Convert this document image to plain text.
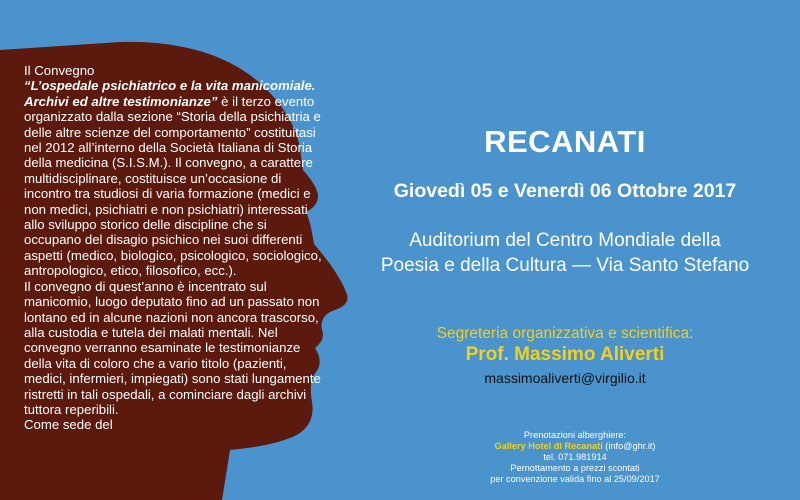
Il Convegno

“L’ospedale psichiatrico e la vita manicomiale. Archivi ed altre testimonianze” è il terzo evento organizzato dalla sezione “Storia della psichiatria e delle altre scienze del comportamento” costituitasi nel 2012 all’interno della Società Italiana di Storia della medicina (S.I.S.M.). Il convegno, a carattere multidisciplinare, costituisce un’occasione di incontro tra studiosi di varia formazione (medici e non medici, psichiatri e non psichiatri) interessati allo sviluppo storico delle discipline che si occupano del disagio psichico nei suoi differenti aspetti (medico, biologico, psicologico, sociologico, antropologico, etico, filosofico, ecc.).

Il convegno di quest’anno è incentrato sul manicomio, luogo deputato fino ad un passato non lontano ed in alcune nazioni non ancora trascorso, alla custodia e tutela dei malati mentali. Nel convegno verranno esaminate le testimonianze della vita di coloro che a vario titolo (pazienti, medici, infermieri, impiegati) sono stati lungamente ristretti in tali ospedali, a cominciare dagli archivi

tuttora reperibili.

Come sede del

RECANATI
Giovedì 05 e Venerdì 06 Ottobre 2017
Auditorium del Centro Mondiale della
Poesia e della Cultura — Via Santo Stefano
Segreteria organizzativa e scientifica:
Prof. Massimo Aliverti
massimoaliverti@virgilio.it
Prenotazioni alberghiere:
Gallery Hotel di Recanati (info@ghr.it)
tel. 071.981914
Pernottamento a prezzi scontati
per convenzione valida fino al 25/09/2017
